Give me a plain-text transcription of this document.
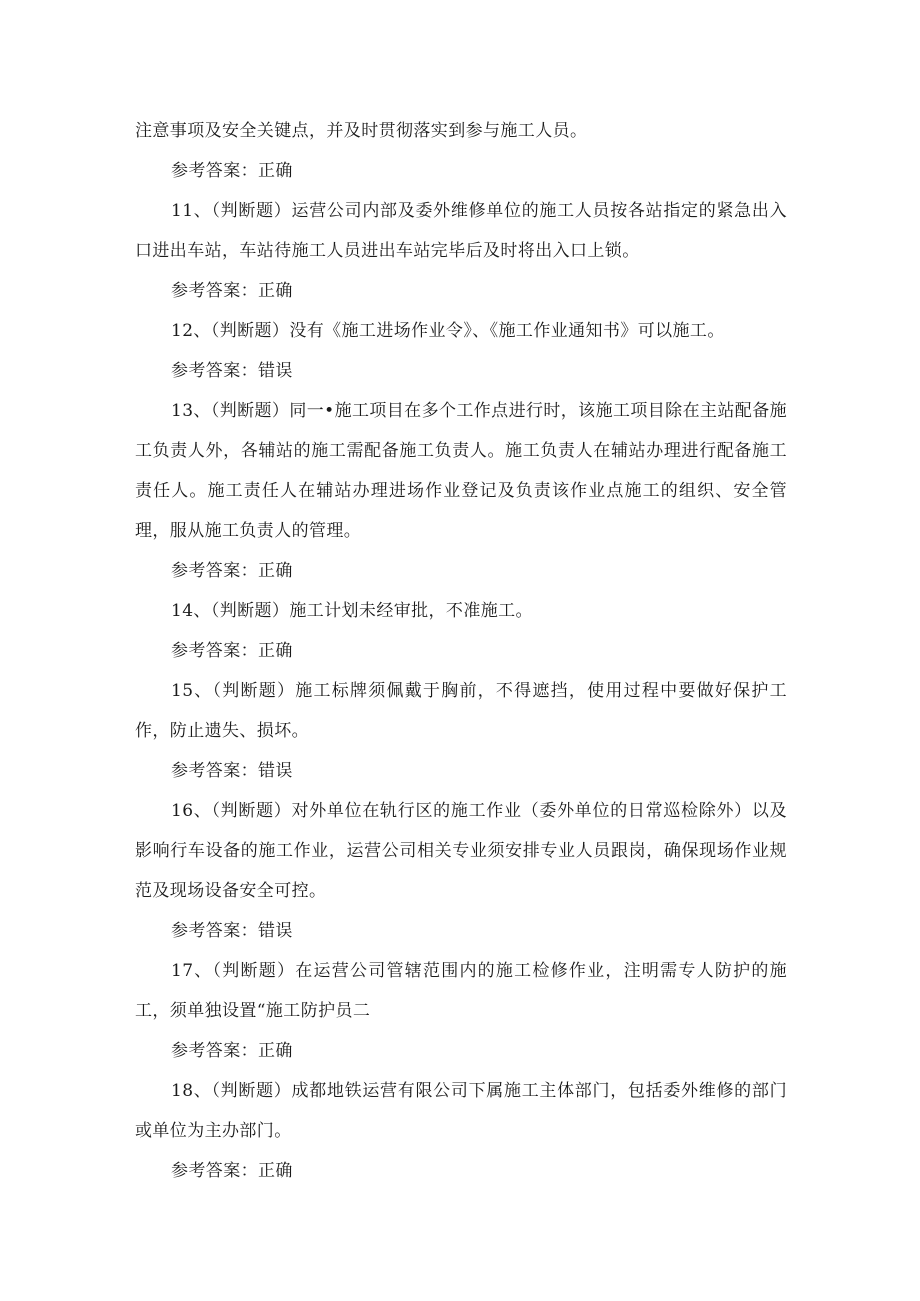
注意事项及安全关键点，并及时贯彻落实到参与施工人员。

参考答案：正确

11、（判断题）运营公司内部及委外维修单位的施工人员按各站指定的紧急出入口进出车站，车站待施工人员进出车站完毕后及时将出入口上锁。

参考答案：正确

12、（判断题）没有《施工进场作业令》、《施工作业通知书》可以施工。

参考答案：错误

13、（判断题）同一•施工项目在多个工作点进行时，该施工项目除在主站配备施工负责人外，各辅站的施工需配备施工负责人。施工负责人在辅站办理进行配备施工责任人。施工责任人在辅站办理进场作业登记及负责该作业点施工的组织、安全管理，服从施工负责人的管理。

参考答案：正确

14、（判断题）施工计划未经审批，不准施工。

参考答案：正确

15、（判断题）施工标牌须佩戴于胸前，不得遮挡，使用过程中要做好保护工作，防止遗失、损坏。

参考答案：错误

16、（判断题）对外单位在轨行区的施工作业（委外单位的日常巡检除外）以及影响行车设备的施工作业，运营公司相关专业须安排专业人员跟岗，确保现场作业规范及现场设备安全可控。

参考答案：错误

17、（判断题）在运营公司管辖范围内的施工检修作业，注明需专人防护的施工，须单独设置“施工防护员二

参考答案：正确

18、（判断题）成都地铁运营有限公司下属施工主体部门，包括委外维修的部门或单位为主办部门。

参考答案：正确
